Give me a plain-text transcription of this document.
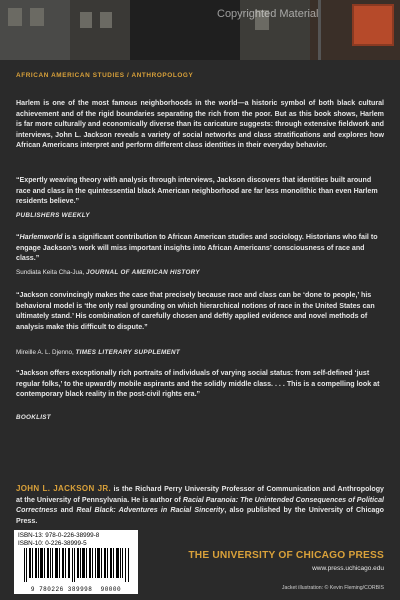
Copyrighted Material
AFRICAN AMERICAN STUDIES / ANTHROPOLOGY
Harlem is one of the most famous neighborhoods in the world—a historic symbol of both black cultural achievement and of the rigid boundaries separating the rich from the poor. But as this book shows, Harlem is far more culturally and economically diverse than its caricature suggests: through extensive fieldwork and interviews, John L. Jackson reveals a variety of social networks and class stratifications and explores how African Americans interpret and perform different class identities in their everyday behavior.
“Expertly weaving theory with analysis through interviews, Jackson discovers that identities built around race and class in the quintessential black American neighborhood are far less monolithic than even Harlem residents believe.”
PUBLISHERS WEEKLY
“Harlemworld is a significant contribution to African American studies and sociology. Historians who fail to engage Jackson’s work will miss important insights into African Americans’ consciousness of race and class.”
Sundiata Keita Cha-Jua, JOURNAL OF AMERICAN HISTORY
“Jackson convincingly makes the case that precisely because race and class can be ‘done to people,’ his behavioral model is ‘the only real grounding on which hierarchical notions of race in the United States can ultimately stand.’ His combination of carefully chosen and deftly applied evidence and novel methods of analysis make this difficult to dispute.”
Mireille A. L. Djenno, TIMES LITERARY SUPPLEMENT
“Jackson offers exceptionally rich portraits of individuals of varying social status: from self-defined ‘just regular folks,’ to the upwardly mobile aspirants and the solidly middle class. . . . This is a compelling look at contemporary black reality in the post-civil rights era.”
BOOKLIST
JOHN L. JACKSON JR. is the Richard Perry University Professor of Communication and Anthropology at the University of Pennsylvania. He is author of Racial Paranoia: The Unintended Consequences of Political Correctness and Real Black: Adventures in Racial Sincerity, also published by the University of Chicago Press.
ISBN-13: 978-0-226-38999-8
ISBN-10: 0-226-38999-5
9 780226 389998 90000
THE UNIVERSITY OF CHICAGO PRESS
www.press.uchicago.edu
Jacket illustration: © Kevin Fleming/CORBIS
